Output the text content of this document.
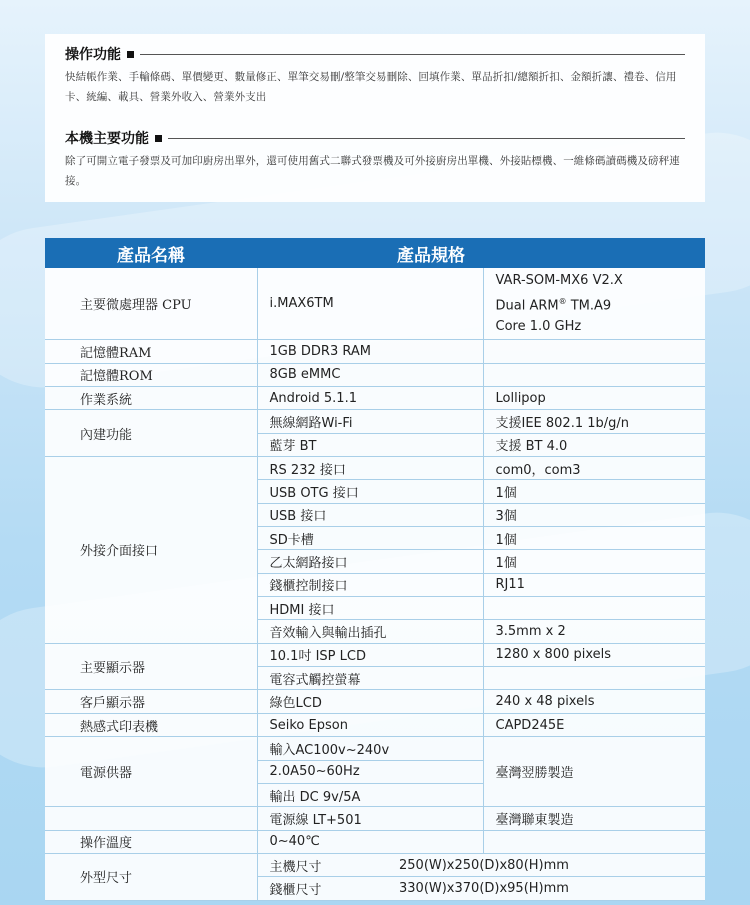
操作功能
快結帳作業、手輸條碼、單價變更、數量修正、單筆交易刪/整筆交易刪除、回填作業、單品折扣/總額折扣、金額折讓、禮卷、信用卡、統編、載具、營業外收入、營業外支出
本機主要功能
除了可開立電子發票及可加印廚房出單外，還可使用舊式二聯式發票機及可外接廚房出單機、外接貼標機、一維條碼讀碼機及磅秤連接。
產品名稱	產品規格		
主要微處理器 CPU	i.MAX6TM		VAR-SOM-MX6 V2.X
Dual ARM® TM.A9
Core 1.0 GHz

記憶體RAM	1GB DDR3 RAM		
記憶體ROM	8GB eMMC		
作業系統	Android 5.1.1		Lollipop
內建功能	無線網路Wi-Fi		支援IEE 802.1 1b/g/n
	藍芽 BT		支援 BT 4.0
外接介面接口	RS 232 接口		com0，com3
	USB OTG 接口		1個
	USB 接口		3個
	SD卡槽		1個
	乙太網路接口		1個
	錢櫃控制接口		RJ11
	HDMI 接口		
	音效輸入與輸出插孔		3.5mm x 2
主要顯示器	10.1吋 ISP LCD		1280 x 800 pixels
	電容式觸控螢幕		
客戶顯示器	綠色LCD		240 x 48 pixels
熱感式印表機	Seiko Epson		CAPD245E
電源供器	輸入AC100v~240v		臺灣翌勝製造
	2.0A50~60Hz		
	輸出 DC 9v/5A		
	電源線 LT+501		臺灣聯東製造
操作溫度	0~40℃		
外型尺寸	主機尺寸	250(W)x250(D)x80(H)mm	
	錢櫃尺寸	330(W)x370(D)x95(H)mm	
